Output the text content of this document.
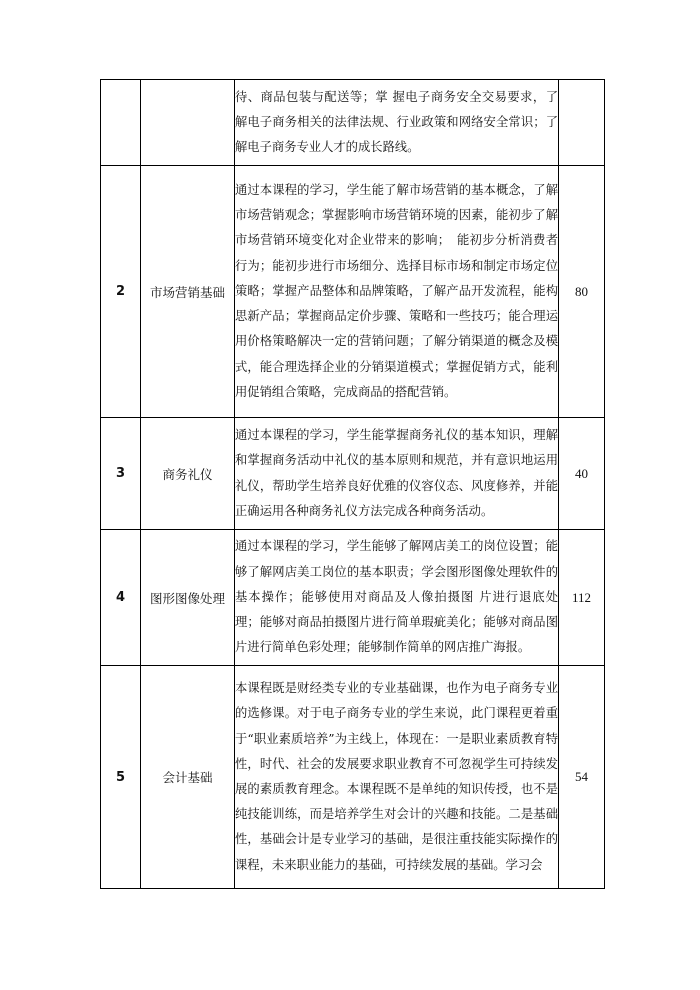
		待、商品包装与配送等；掌 握电子商务安全交易要求，了解电子商务相关的法律法规、行业政策和网络安全常识；了解电子商务专业人才的成长路线。	

2	市场营销基础	通过本课程的学习，学生能了解市场营销的基本概念，了解市场营销观念；掌握影响市场营销环境的因素，能初步了解市场营销环境变化对企业带来的影响；　能初步分析消费者行为；能初步进行市场细分、选择目标市场和制定市场定位策略；掌握产品整体和品牌策略，了解产品开发流程，能构思新产品；掌握商品定价步骤、策略和一些技巧；能合理运用价格策略解决一定的营销问题；了解分销渠道的概念及模式，能合理选择企业的分销渠道模式；掌握促销方式，能利用促销组合策略，完成商品的搭配营销。	80
3	商务礼仪	通过本课程的学习，学生能掌握商务礼仪的基本知识，理解和掌握商务活动中礼仪的基本原则和规范，并有意识地运用礼仪，帮助学生培养良好优雅的仪容仪态、风度修养，并能正确运用各种商务礼仪方法完成各种商务活动。	40
4	图形图像处理	通过本课程的学习，学生能够了解网店美工的岗位设置；能够了解网店美工岗位的基本职责；学会图形图像处理软件的基本操作；能够使用对商品及人像拍摄图 片进行退底处理；能够对商品拍摄图片进行简单瑕疵美化；能够对商品图片进行简单色彩处理；能够制作简单的网店推广海报。	112
5	会计基础	本课程既是财经类专业的专业基础课，也作为电子商务专业的选修课。对于电子商务专业的学生来说，此门课程更着重于“职业素质培养”为主线上，体现在：一是职业素质教育特性，时代、社会的发展要求职业教育不可忽视学生可持续发展的素质教育理念。本课程既不是单纯的知识传授，也不是纯技能训练，而是培养学生对会计的兴趣和技能。二是基础性，基础会计是专业学习的基础，是很注重技能实际操作的课程，未来职业能力的基础，可持续发展的基础。学习会	54
